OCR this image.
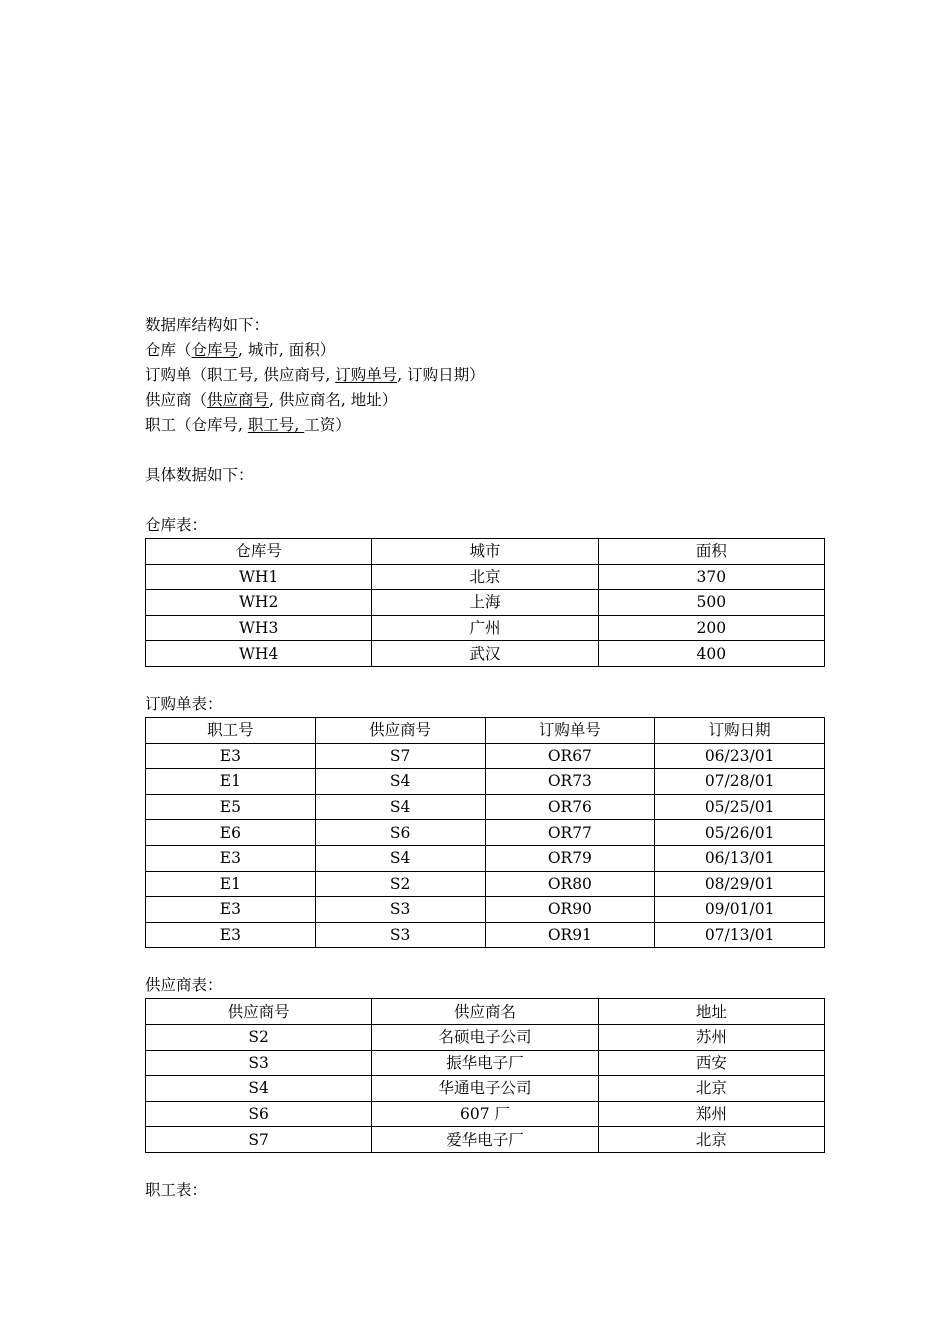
数据库结构如下：
仓库（仓库号, 城市, 面积）
订购单（职工号, 供应商号, 订购单号, 订购日期）
供应商（供应商号, 供应商名, 地址）
职工（仓库号, 职工号, 工资）
具体数据如下：
仓库表：
仓库号	城市	面积
WH1	北京	370
WH2	上海	500
WH3	广州	200
WH4	武汉	400
订购单表：
职工号	供应商号	订购单号	订购日期
E3	S7	OR67	06/23/01
E1	S4	OR73	07/28/01
E5	S4	OR76	05/25/01
E6	S6	OR77	05/26/01
E3	S4	OR79	06/13/01
E1	S2	OR80	08/29/01
E3	S3	OR90	09/01/01
E3	S3	OR91	07/13/01
供应商表：
供应商号	供应商名	地址
S2	名硕电子公司	苏州
S3	振华电子厂	西安
S4	华通电子公司	北京
S6	607 厂	郑州
S7	爱华电子厂	北京
职工表：
